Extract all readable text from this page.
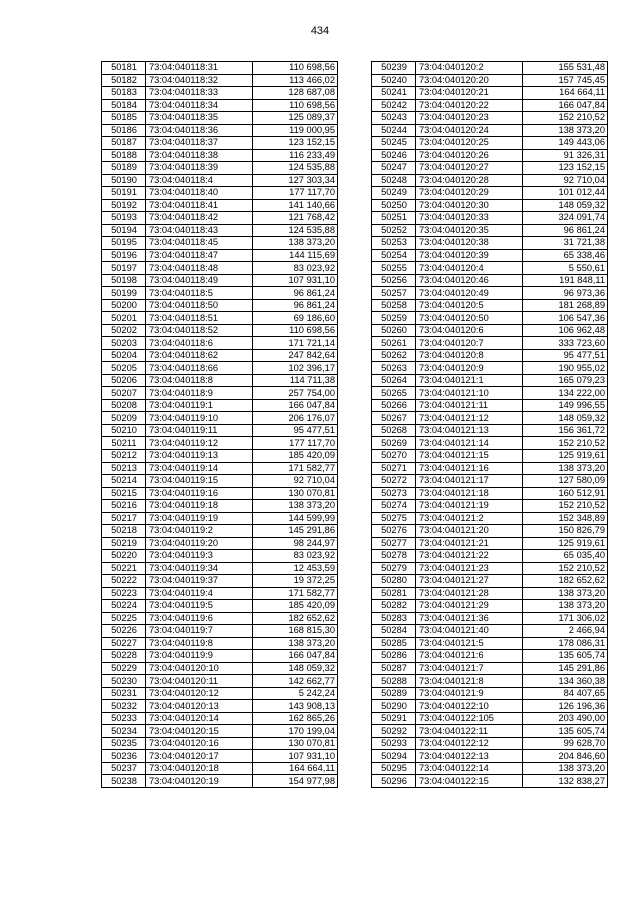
434
50181	73:04:040118:31	110 698,56
50182	73:04:040118:32	113 466,02
50183	73:04:040118:33	128 687,08
50184	73:04:040118:34	110 698,56
50185	73:04:040118:35	125 089,37
50186	73:04:040118:36	119 000,95
50187	73:04:040118:37	123 152,15
50188	73:04:040118:38	116 233,49
50189	73:04:040118:39	124 535,88
50190	73:04:040118:4	127 303,34
50191	73:04:040118:40	177 117,70
50192	73:04:040118:41	141 140,66
50193	73:04:040118:42	121 768,42
50194	73:04:040118:43	124 535,88
50195	73:04:040118:45	138 373,20
50196	73:04:040118:47	144 115,69
50197	73:04:040118:48	83 023,92
50198	73:04:040118:49	107 931,10
50199	73:04:040118:5	96 861,24
50200	73:04:040118:50	96 861,24
50201	73:04:040118:51	69 186,60
50202	73:04:040118:52	110 698,56
50203	73:04:040118:6	171 721,14
50204	73:04:040118:62	247 842,64
50205	73:04:040118:66	102 396,17
50206	73:04:040118:8	114 711,38
50207	73:04:040118:9	257 754,00
50208	73:04:040119:1	166 047,84
50209	73:04:040119:10	206 176,07
50210	73:04:040119:11	95 477,51
50211	73:04:040119:12	177 117,70
50212	73:04:040119:13	185 420,09
50213	73:04:040119:14	171 582,77
50214	73:04:040119:15	92 710,04
50215	73:04:040119:16	130 070,81
50216	73:04:040119:18	138 373,20
50217	73:04:040119:19	144 599,99
50218	73:04:040119:2	145 291,86
50219	73:04:040119:20	98 244,97
50220	73:04:040119:3	83 023,92
50221	73:04:040119:34	12 453,59
50222	73:04:040119:37	19 372,25
50223	73:04:040119:4	171 582,77
50224	73:04:040119:5	185 420,09
50225	73:04:040119:6	182 652,62
50226	73:04:040119:7	168 815,30
50227	73:04:040119:8	138 373,20
50228	73:04:040119:9	166 047,84
50229	73:04:040120:10	148 059,32
50230	73:04:040120:11	142 662,77
50231	73:04:040120:12	5 242,24
50232	73:04:040120:13	143 908,13
50233	73:04:040120:14	162 865,26
50234	73:04:040120:15	170 199,04
50235	73:04:040120:16	130 070,81
50236	73:04:040120:17	107 931,10
50237	73:04:040120:18	164 664,11
50238	73:04:040120:19	154 977,98
50239	73:04:040120:2	155 531,48
50240	73:04:040120:20	157 745,45
50241	73:04:040120:21	164 664,11
50242	73:04:040120:22	166 047,84
50243	73:04:040120:23	152 210,52
50244	73:04:040120:24	138 373,20
50245	73:04:040120:25	149 443,06
50246	73:04:040120:26	91 326,31
50247	73:04:040120:27	123 152,15
50248	73:04:040120:28	92 710,04
50249	73:04:040120:29	101 012,44
50250	73:04:040120:30	148 059,32
50251	73:04:040120:33	324 091,74
50252	73:04:040120:35	96 861,24
50253	73:04:040120:38	31 721,38
50254	73:04:040120:39	65 338,46
50255	73:04:040120:4	5 550,61
50256	73:04:040120:46	191 848,11
50257	73:04:040120:49	96 973,36
50258	73:04:040120:5	181 268,89
50259	73:04:040120:50	106 547,36
50260	73:04:040120:6	106 962,48
50261	73:04:040120:7	333 723,60
50262	73:04:040120:8	95 477,51
50263	73:04:040120:9	190 955,02
50264	73:04:040121:1	165 079,23
50265	73:04:040121:10	134 222,00
50266	73:04:040121:11	149 996,55
50267	73:04:040121:12	148 059,32
50268	73:04:040121:13	156 361,72
50269	73:04:040121:14	152 210,52
50270	73:04:040121:15	125 919,61
50271	73:04:040121:16	138 373,20
50272	73:04:040121:17	127 580,09
50273	73:04:040121:18	160 512,91
50274	73:04:040121:19	152 210,52
50275	73:04:040121:2	152 348,89
50276	73:04:040121:20	150 826,79
50277	73:04:040121:21	125 919,61
50278	73:04:040121:22	65 035,40
50279	73:04:040121:23	152 210,52
50280	73:04:040121:27	182 652,62
50281	73:04:040121:28	138 373,20
50282	73:04:040121:29	138 373,20
50283	73:04:040121:36	171 306,02
50284	73:04:040121:40	2 466,94
50285	73:04:040121:5	178 086,31
50286	73:04:040121:6	135 605,74
50287	73:04:040121:7	145 291,86
50288	73:04:040121:8	134 360,38
50289	73:04:040121:9	84 407,65
50290	73:04:040122:10	126 196,36
50291	73:04:040122:105	203 490,00
50292	73:04:040122:11	135 605,74
50293	73:04:040122:12	99 628,70
50294	73:04:040122:13	204 846,60
50295	73:04:040122:14	138 373,20
50296	73:04:040122:15	132 838,27
